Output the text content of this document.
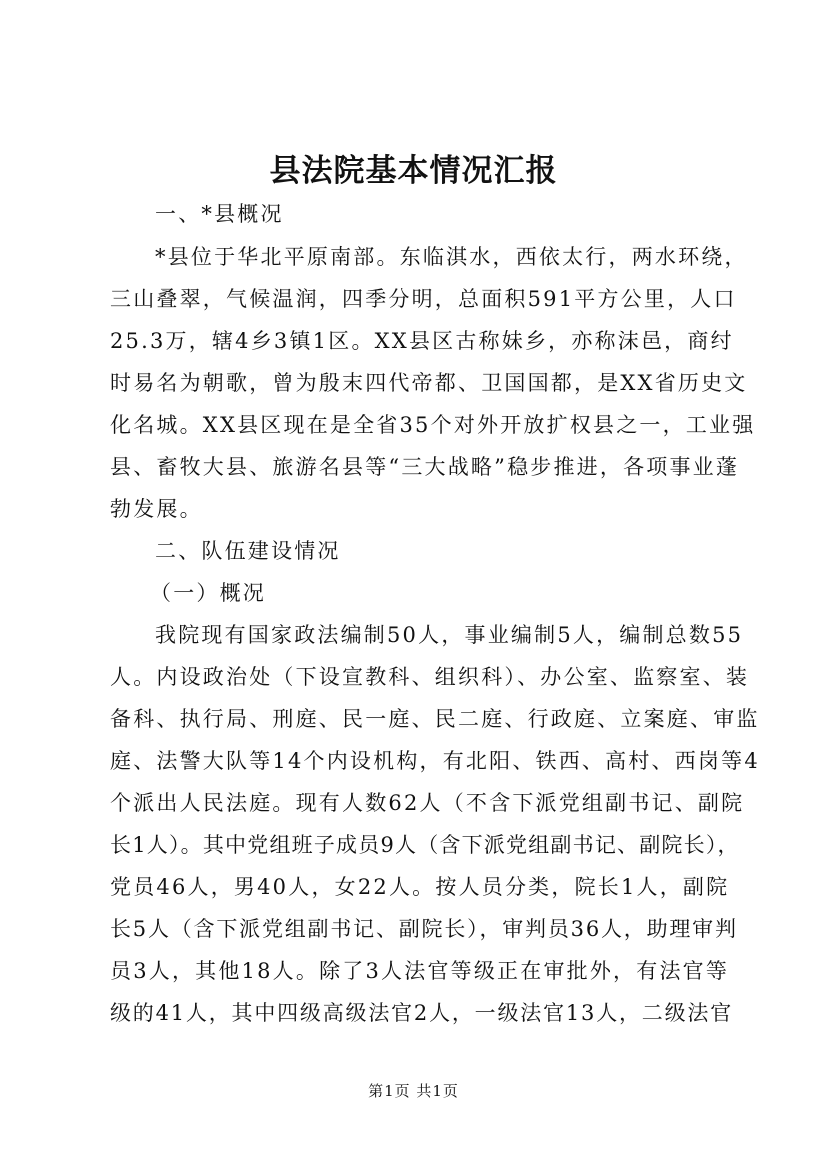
县法院基本情况汇报
一、*县概况
*县位于华北平原南部。东临淇水，西依太行，两水环绕，
三山叠翠，气候温润，四季分明，总面积591平方公里，人口
25.3万，辖4乡3镇1区。XX县区古称妹乡，亦称沫邑，商纣
时易名为朝歌，曾为殷末四代帝都、卫国国都，是XX省历史文
化名城。XX县区现在是全省35个对外开放扩权县之一，工业强
县、畜牧大县、旅游名县等“三大战略”稳步推进，各项事业蓬
勃发展。
二、队伍建设情况
（一）概况
我院现有国家政法编制50人，事业编制5人，编制总数55
人。内设政治处（下设宣教科、组织科）、办公室、监察室、装
备科、执行局、刑庭、民一庭、民二庭、行政庭、立案庭、审监
庭、法警大队等14个内设机构，有北阳、铁西、高村、西岗等4
个派出人民法庭。现有人数62人（不含下派党组副书记、副院
长1人）。其中党组班子成员9人（含下派党组副书记、副院长），
党员46人，男40人，女22人。按人员分类，院长1人，副院
长5人（含下派党组副书记、副院长），审判员36人，助理审判
员3人，其他18人。除了3人法官等级正在审批外，有法官等
级的41人，其中四级高级法官2人，一级法官13人，二级法官
第1页 共1页
